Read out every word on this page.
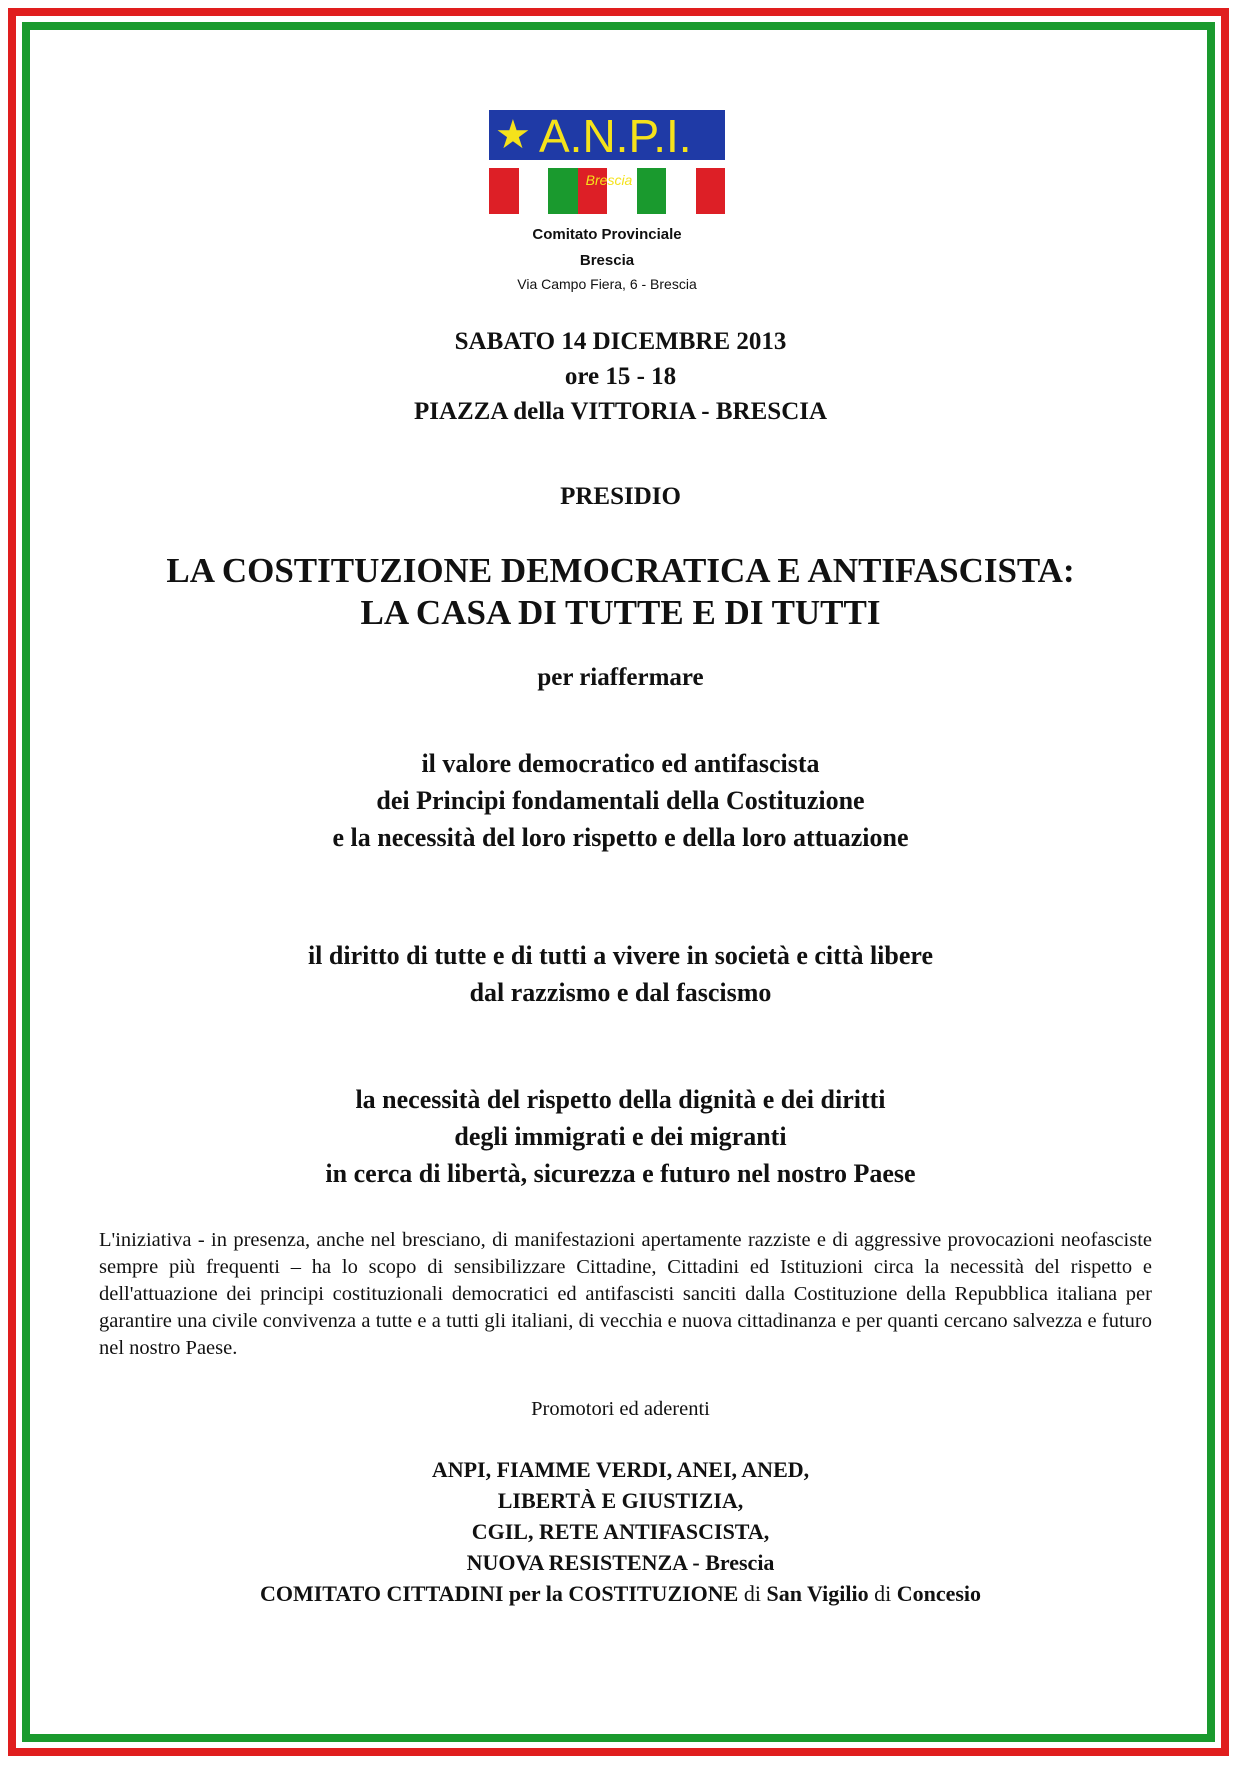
★ A.N.P.I.
Brescia
Comitato Provinciale
Brescia
Via Campo Fiera, 6 - Brescia
SABATO 14 DICEMBRE 2013
ore 15 - 18
PIAZZA della VITTORIA - BRESCIA
PRESIDIO
LA COSTITUZIONE DEMOCRATICA E ANTIFASCISTA:
LA CASA DI TUTTE E DI TUTTI
per riaffermare
il valore democratico ed antifascista
dei Principi fondamentali della Costituzione
e la necessità del loro rispetto e della loro attuazione
il diritto di tutte e di tutti a vivere in società e città libere
dal razzismo e dal fascismo
la necessità del rispetto della dignità e dei diritti
degli immigrati e dei migranti
in cerca di libertà, sicurezza e futuro nel nostro Paese
L'iniziativa - in presenza, anche nel bresciano, di manifestazioni apertamente razziste e di aggressive provocazioni neofasciste sempre più frequenti – ha lo scopo di sensibilizzare Cittadine, Cittadini ed Istituzioni circa la necessità del rispetto e dell'attuazione dei principi costituzionali democratici ed antifascisti sanciti dalla Costituzione della Repubblica italiana per garantire una civile convivenza a tutte e a tutti gli italiani, di vecchia e nuova cittadinanza e per quanti cercano salvezza e futuro nel nostro Paese.
Promotori ed aderenti
ANPI, FIAMME VERDI, ANEI, ANED,
LIBERTÀ E GIUSTIZIA,
CGIL, RETE ANTIFASCISTA,
NUOVA RESISTENZA - Brescia
COMITATO CITTADINI per la COSTITUZIONE di San Vigilio di Concesio
